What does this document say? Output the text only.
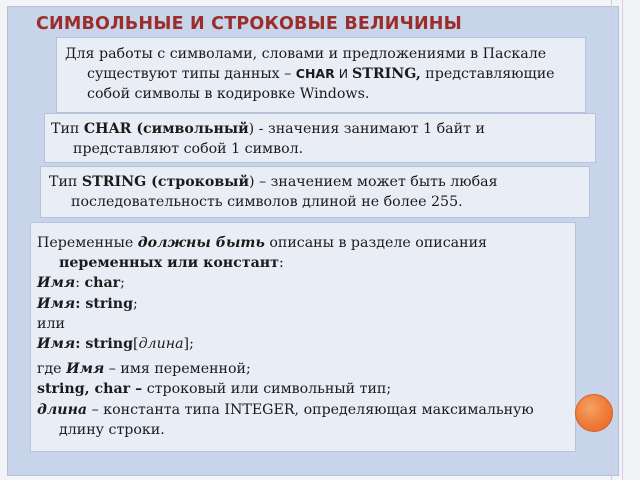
СИМВОЛЬНЫЕ И СТРОКОВЫЕ ВЕЛИЧИНЫ

Для работы с символами, словами и предложениями в Паскале существуют типы данных – CHAR И STRING, представляющие собой символы в кодировке Windows.

Тип CHAR (символьный) - значения занимают 1 байт и представляют собой 1 символ.

Тип STRING (строковый) – значением может быть любая последовательность символов длиной не более 255.

Переменные должны быть описаны в разделе описания переменных или констант:

Имя: char;

Имя: string;

или

Имя: string[длина];

где Имя – имя переменной;

string, char – строковый или символьный тип;

длина – константа типа INTEGER, определяющая максимальную длину строки.
